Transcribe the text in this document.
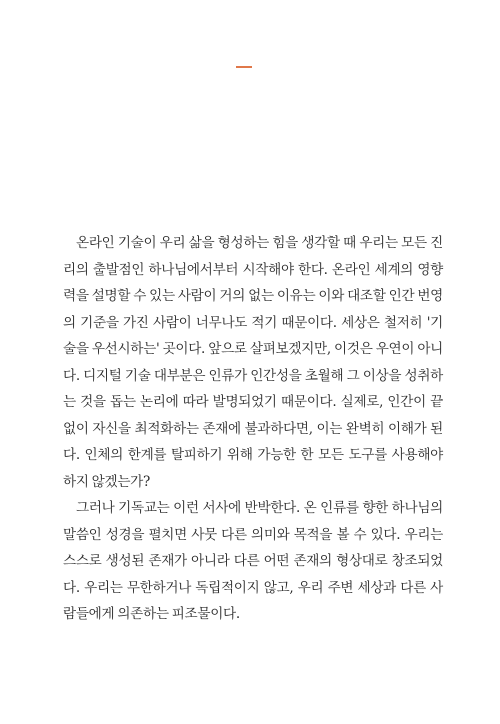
온라인 기술이 우리 삶을 형성하는 힘을 생각할 때 우리는 모든 진리의 출발점인 하나님에서부터 시작해야 한다. 온라인 세계의 영향력을 설명할 수 있는 사람이 거의 없는 이유는 이와 대조할 인간 번영의 기준을 가진 사람이 너무나도 적기 때문이다. 세상은 철저히 '기술을 우선시하는' 곳이다. 앞으로 살펴보겠지만, 이것은 우연이 아니다. 디지털 기술 대부분은 인류가 인간성을 초월해 그 이상을 성취하는 것을 돕는 논리에 따라 발명되었기 때문이다. 실제로, 인간이 끝없이 자신을 최적화하는 존재에 불과하다면, 이는 완벽히 이해가 된다. 인체의 한계를 탈피하기 위해 가능한 한 모든 도구를 사용해야 하지 않겠는가?

그러나 기독교는 이런 서사에 반박한다. 온 인류를 향한 하나님의 말씀인 성경을 펼치면 사뭇 다른 의미와 목적을 볼 수 있다. 우리는 스스로 생성된 존재가 아니라 다른 어떤 존재의 형상대로 창조되었다. 우리는 무한하거나 독립적이지 않고, 우리 주변 세상과 다른 사람들에게 의존하는 피조물이다.
